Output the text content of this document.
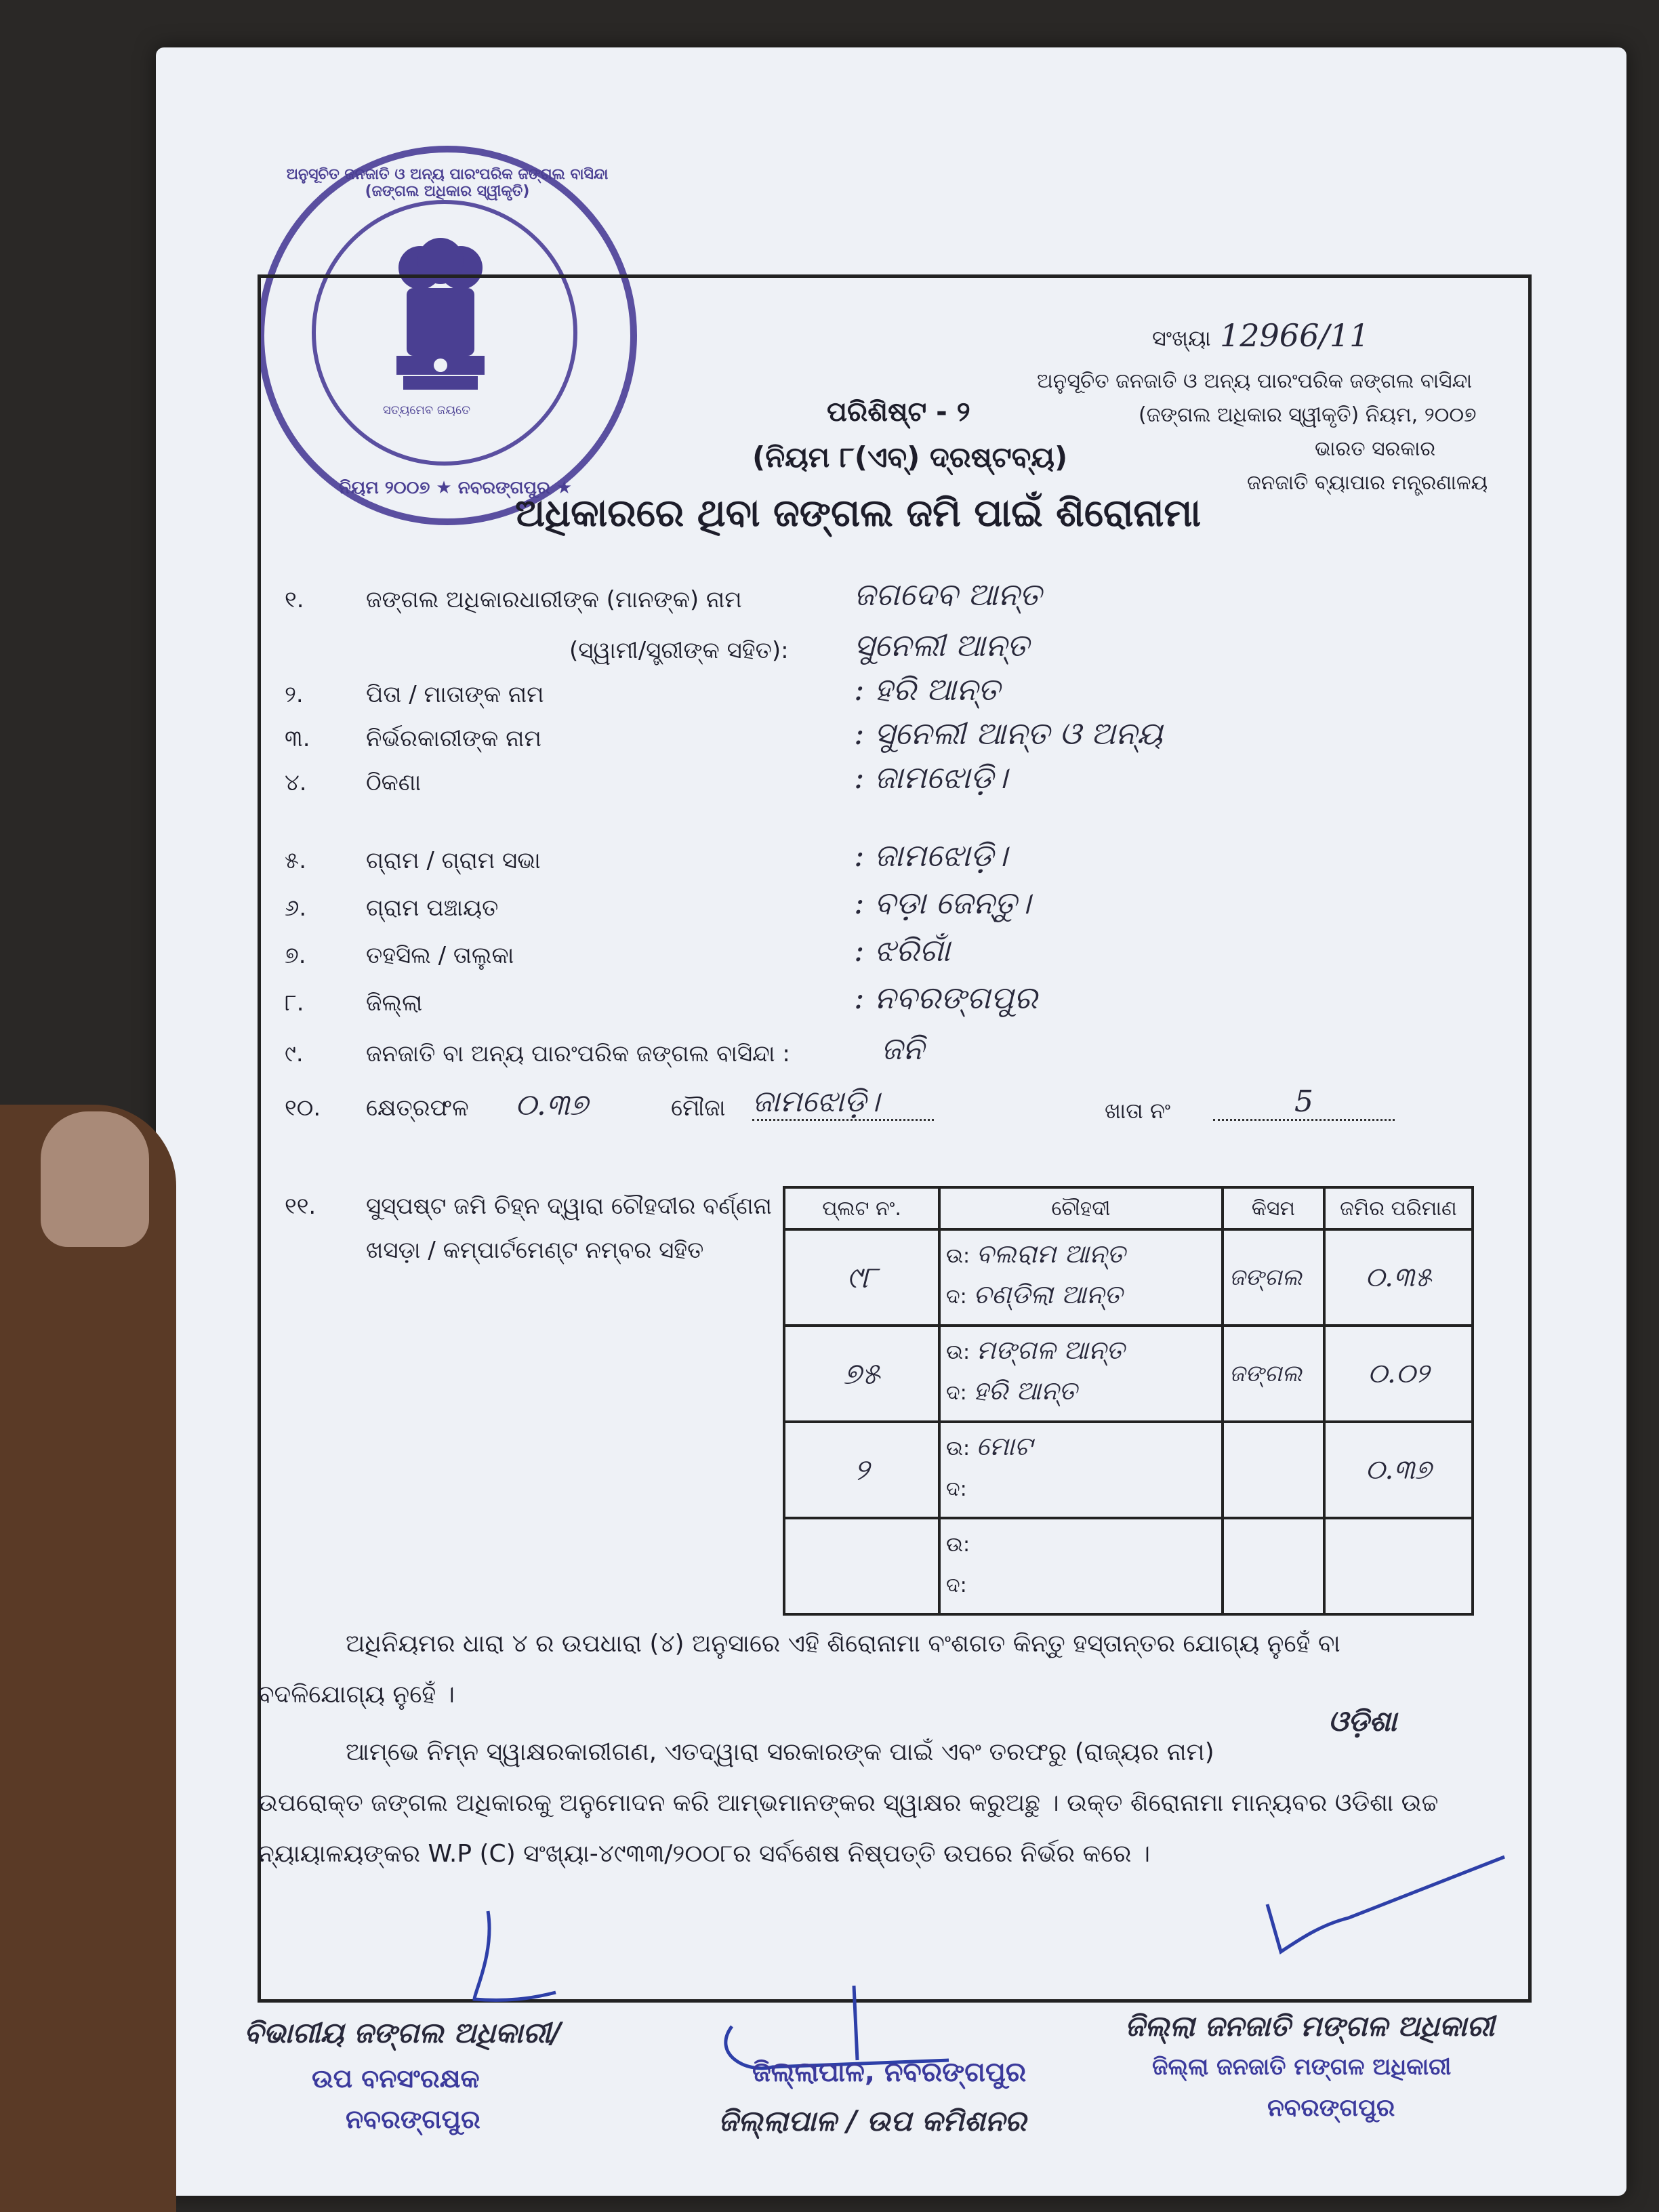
ଅନୁସୂଚିତ ଜନଜାତି ଓ ଅନ୍ୟ ପାରଂପରିକ ଜଙ୍ଗଲ ବାସିନ୍ଦା (ଜଙ୍ଗଲ ଅଧିକାର ସ୍ୱୀକୃତି)
ନିୟମ ୨୦୦୭ ★ ନବରଙ୍ଗପୁର ★
ସତ୍ୟମେବ ଜୟତେ
ସଂଖ୍ୟା 12966/11
ଅନୁସୂଚିତ ଜନଜାତି ଓ ଅନ୍ୟ ପାରଂପରିକ ଜଙ୍ଗଲ ବାସିନ୍ଦା
(ଜଙ୍ଗଲ ଅଧିକାର ସ୍ୱୀକୃତି) ନିୟମ, ୨୦୦୭
ଭାରତ ସରକାର
ଜନଜାତି ବ୍ୟାପାର ମନ୍ତ୍ରଣାଳୟ
ପରିଶିଷ୍ଟ - ୨
(ନିୟମ ୮(ଏବ୍) ଦ୍ରଷ୍ଟବ୍ୟ)
ଅଧିକାରରେ ଥିବା ଜଙ୍ଗଲ ଜମି ପାଇଁ ଶିରୋନାମା
୧.	ଜଙ୍ଗଲ ଅଧିକାରଧାରୀଙ୍କ (ମାନଙ୍କ) ନାମ	ଜଗଦେବ ଆନ୍ତ
(ସ୍ୱାମୀ/ସ୍ତ୍ରୀଙ୍କ ସହିତ): ସୁନେଲୀ ଆନ୍ତ
୨.	ପିତା / ମାତାଙ୍କ ନାମ	: ହରି ଆନ୍ତ
୩. ନିର୍ଭରକାରୀଙ୍କ ନାମ	: ସୁନେଲୀ ଆନ୍ତ ଓ ଅନ୍ୟ
୪.	ଠିକଣା	: ଜାମଝୋଡ଼ି।
୫.	ଗ୍ରାମ / ଗ୍ରାମ ସଭା	: ଜାମଝୋଡ଼ି।
୬.	ଗ୍ରାମ ପଞ୍ଚାୟତ	: ବଡ଼ା ଜେନ୍ତୁ।
୭.	ତହସିଲ / ତାଲୁକା	: ଝରିଗାଁ
୮.	ଜିଲ୍ଲା	: ନବରଙ୍ଗପୁର
୯.	ଜନଜାତି ବା ଅନ୍ୟ ପାରଂପରିକ ଜଙ୍ଗଲ ବାସିନ୍ଦା :	ଜନି
୧୦. କ୍ଷେତ୍ରଫଳ ୦.୩୭	ମୌଜା ଜାମଝୋଡ଼ି।	ଖାତା ନଂ	5
୧୧. ସୁସ୍ପଷ୍ଟ ଜମି ଚିହ୍ନ ଦ୍ୱାରା ଚୌହଦୀର ବର୍ଣ୍ଣନା
ଖସଡ଼ା / କମ୍ପାର୍ଟମେଣ୍ଟ ନମ୍ବର ସହିତ
ପ୍ଲଟ ନଂ.	ଚୌହଦୀ	କିସମ	ଜମିର ପରିମାଣ
୯୮	ଉ: ବଲରାମ ଆନ୍ତ
ଦ: ଚଣ୍ଡିଲା ଆନ୍ତ	ଜଙ୍ଗଲ	୦.୩୫
୭୫	ଉ: ମଙ୍ଗଳ ଆନ୍ତ
ଦ: ହରି ଆନ୍ତ	ଜଙ୍ଗଲ	୦.୦୨
୨	ଉ: ମୋଟ
ଦ:		୦.୩୭

	ଉ:
ଦ:		

ଅଧିନିୟମର ଧାରା ୪ ର ଉପଧାରା (୪) ଅନୁସାରେ ଏହି ଶିରୋନାମା ବଂଶଗତ କିନ୍ତୁ ହସ୍ତାନ୍ତର ଯୋଗ୍ୟ ନୁହେଁ ବା
ବଦଳିଯୋଗ୍ୟ ନୁହେଁ ।
ଆମ୍ଭେ ନିମ୍ନ ସ୍ୱାକ୍ଷରକାରୀଗଣ, ଏତଦ୍ୱାରା ସରକାରଙ୍କ ପାଇଁ ଏବଂ ତରଫରୁ (ରାଜ୍ୟର ନାମ)
ଓଡ଼ିଶା
ଉପରୋକ୍ତ ଜଙ୍ଗଲ ଅଧିକାରକୁ ଅନୁମୋଦନ କରି ଆମ୍ଭମାନଙ୍କର ସ୍ୱାକ୍ଷର କରୁଅଛୁ । ଉକ୍ତ ଶିରୋନାମା ମାନ୍ୟବର ଓଡିଶା ଉଚ୍ଚ
ନ୍ୟାୟାଳୟଙ୍କର W.P (C) ସଂଖ୍ୟା-୪୯୩୩/୨୦୦୮ର ସର୍ବଶେଷ ନିଷ୍ପତ୍ତି ଉପରେ ନିର୍ଭର କରେ ।
ବିଭାଗୀୟ ଜଙ୍ଗଲ ଅଧିକାରୀ/
ଉପ ବନସଂରକ୍ଷକ
ନବରଙ୍ଗପୁର
ଜିଲ୍ଲାପାଳ, ନବରଙ୍ଗପୁର
ଜିଲ୍ଲାପାଳ / ଉପ କମିଶନର
ଜିଲ୍ଲା ଜନଜାତି ମଙ୍ଗଳ ଅଧିକାରୀ
ଜିଲ୍ଲା ଜନଜାତି ମଙ୍ଗଳ ଅଧିକାରୀ
ନବରଙ୍ଗପୁର
